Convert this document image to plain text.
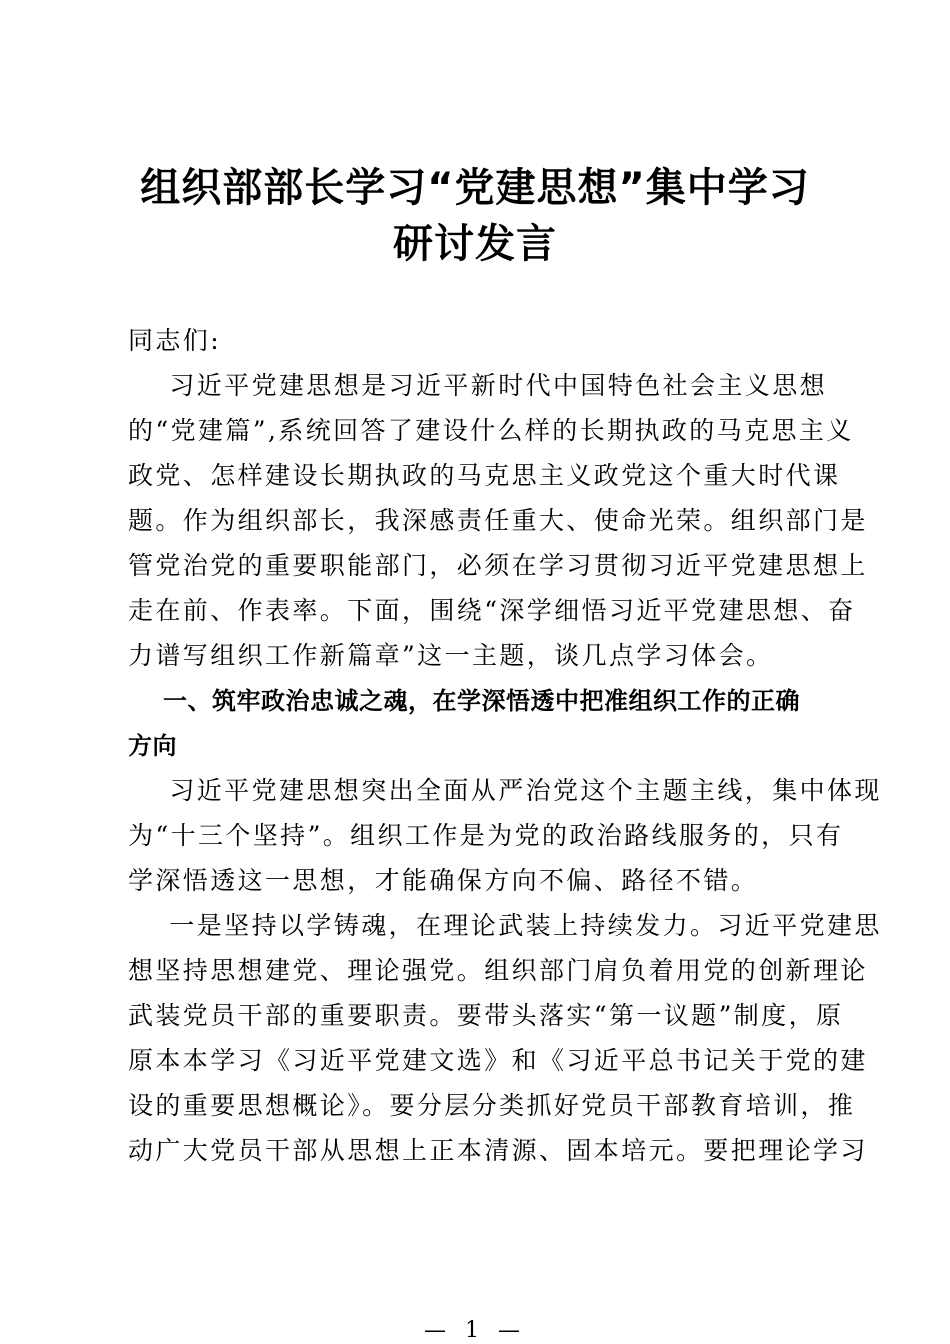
组织部部长学习“党建思想”集中学习
研讨发言
同志们:
习近平党建思想是习近平新时代中国特色社会主义思想
的“党建篇”,系统回答了建设什么样的长期执政的马克思主义
政党、怎样建设长期执政的马克思主义政党这个重大时代课
题。作为组织部长，我深感责任重大、使命光荣。组织部门是
管党治党的重要职能部门，必须在学习贯彻习近平党建思想上
走在前、作表率。下面，围绕“深学细悟习近平党建思想、奋
力谱写组织工作新篇章”这一主题，谈几点学习体会。
一、筑牢政治忠诚之魂，在学深悟透中把准组织工作的正确
方向
习近平党建思想突出全面从严治党这个主题主线，集中体现
为“十三个坚持”。组织工作是为党的政治路线服务的，只有
学深悟透这一思想，才能确保方向不偏、路径不错。
一是坚持以学铸魂，在理论武装上持续发力。习近平党建思
想坚持思想建党、理论强党。组织部门肩负着用党的创新理论
武装党员干部的重要职责。要带头落实“第一议题”制度，原
原本本学习《习近平党建文选》和《习近平总书记关于党的建
设的重要思想概论》。要分层分类抓好党员干部教育培训，推
动广大党员干部从思想上正本清源、固本培元。要把理论学习
— 1 —
